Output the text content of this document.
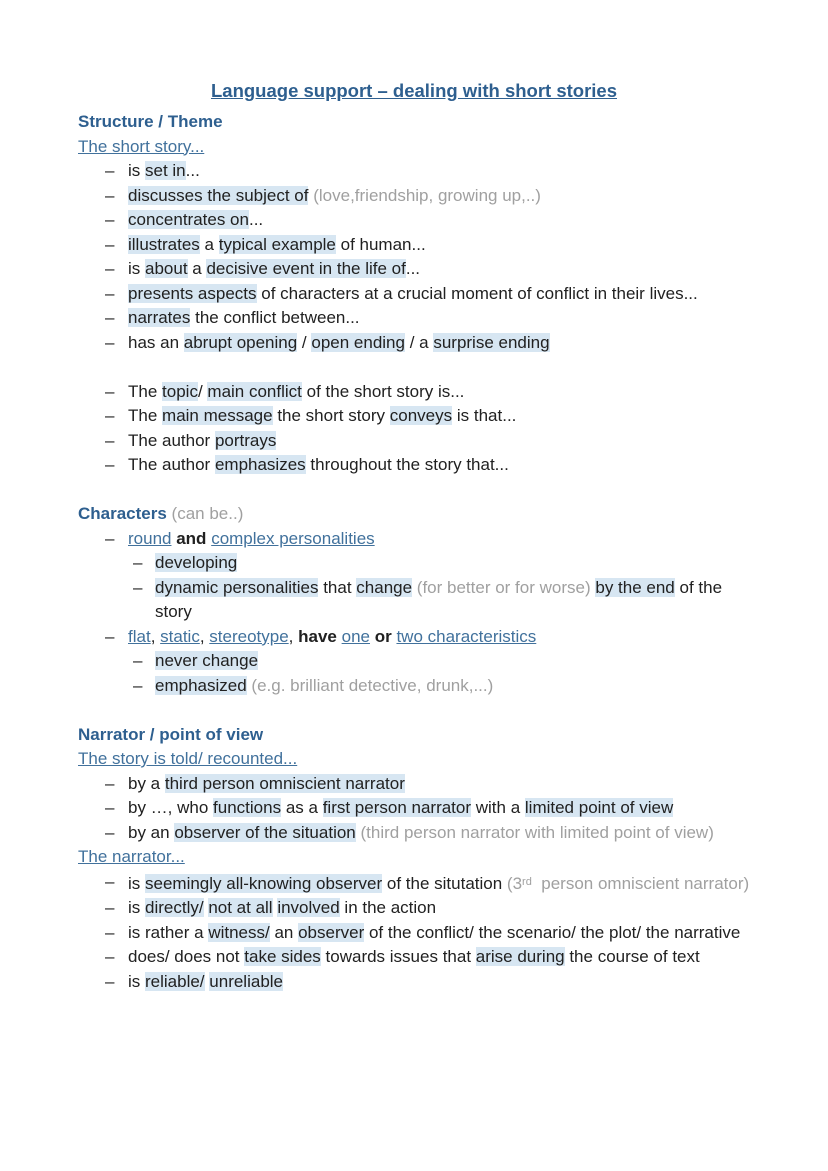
Language support – dealing with short stories
Structure / Theme
The short story...
– is set in...
– discusses the subject of (love,friendship, growing up,..)
– concentrates on...
– illustrates a typical example of human...
– is about a decisive event in the life of...
– presents aspects of characters at a crucial moment of conflict in their lives...
– narrates the conflict between...
– has an abrupt opening / open ending / a surprise ending
– The topic/ main conflict of the short story is...
– The main message the short story conveys is that...
– The author portrays
– The author emphasizes throughout the story that...
Characters (can be..)
– round and complex personalities
– developing
– dynamic personalities that change (for better or for worse) by the end of the story
– flat, static, stereotype, have one or two characteristics
– never change
– emphasized (e.g. brilliant detective, drunk,...)
Narrator / point of view
The story is told/ recounted...
– by a third person omniscient narrator
– by …, who functions as a first person narrator with a limited point of view
– by an observer of the situation (third person narrator with limited point of view)
The narrator...
– is seemingly all-knowing observer of the situtation (3rd  person omniscient narrator)
– is directly/ not at all involved in the action
– is rather a witness/ an observer of the conflict/ the scenario/ the plot/ the narrative
– does/ does not take sides towards issues that arise during the course of text
– is reliable/ unreliable
